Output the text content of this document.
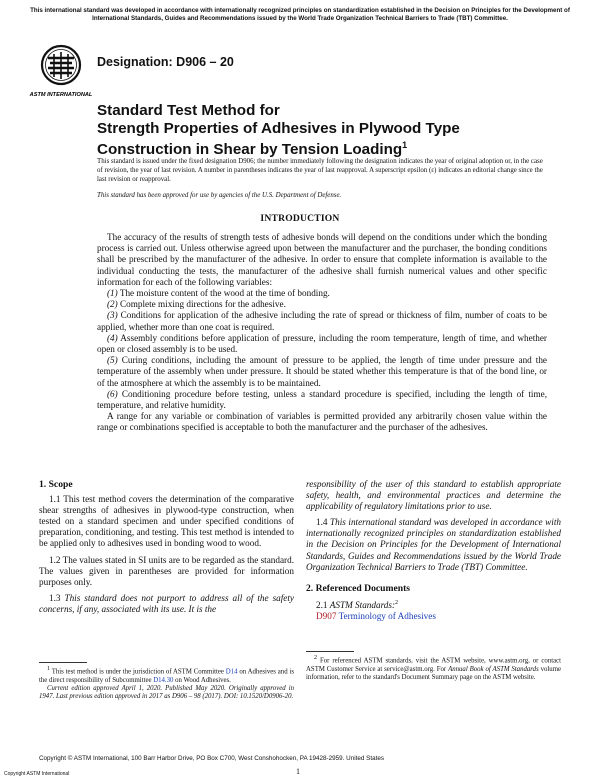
This international standard was developed in accordance with internationally recognized principles on standardization established in the Decision on Principles for the Development of International Standards, Guides and Recommendations issued by the World Trade Organization Technical Barriers to Trade (TBT) Committee.
ASTM INTERNATIONAL
Designation: D906 – 20
Standard Test Method for
Strength Properties of Adhesives in Plywood Type
Construction in Shear by Tension Loading$^1$
This standard is issued under the fixed designation D906; the number immediately following the designation indicates the year of original adoption or, in the case of revision, the year of last revision. A number in parentheses indicates the year of last reapproval. A superscript epsilon (ε) indicates an editorial change since the last revision or reapproval.
This standard has been approved for use by agencies of the U.S. Department of Defense.
INTRODUCTION

The accuracy of the results of strength tests of adhesive bonds will depend on the conditions under which the bonding process is carried out. Unless otherwise agreed upon between the manufacturer and the purchaser, the bonding conditions shall be prescribed by the manufacturer of the adhesive. In order to ensure that complete information is available to the individual conducting the tests, the manufacturer of the adhesive shall furnish numerical values and other specific information for each of the following variables:

(1) The moisture content of the wood at the time of bonding.

(2) Complete mixing directions for the adhesive.

(3) Conditions for application of the adhesive including the rate of spread or thickness of film, number of coats to be applied, whether more than one coat is required.

(4) Assembly conditions before application of pressure, including the room temperature, length of time, and whether open or closed assembly is to be used.

(5) Curing conditions, including the amount of pressure to be applied, the length of time under pressure and the temperature of the assembly when under pressure. It should be stated whether this temperature is that of the bond line, or of the atmosphere at which the assembly is to be maintained.

(6) Conditioning procedure before testing, unless a standard procedure is specified, including the length of time, temperature, and relative humidity.

A range for any variable or combination of variables is permitted provided any arbitrarily chosen value within the range or combinations specified is acceptable to both the manufacturer and the purchaser of the adhesives.

1. Scope

1.1 This test method covers the determination of the comparative shear strengths of adhesives in plywood-type construction, when tested on a standard specimen and under specified conditions of preparation, conditioning, and testing. This test method is intended to be applied only to adhesives used in bonding wood to wood.

1.2 The values stated in SI units are to be regarded as the standard. The values given in parentheses are provided for information purposes only.

1.3 This standard does not purport to address all of the safety concerns, if any, associated with its use. It is the

responsibility of the user of this standard to establish appropriate safety, health, and environmental practices and determine the applicability of regulatory limitations prior to use.

1.4 This international standard was developed in accordance with internationally recognized principles on standardization established in the Decision on Principles for the Development of International Standards, Guides and Recommendations issued by the World Trade Organization Technical Barriers to Trade (TBT) Committee.

2. Referenced Documents

2.1 ASTM Standards:$^2$

D907 Terminology of Adhesives

$^1$ This test method is under the jurisdiction of ASTM Committee D14 on Adhesives and is the direct responsibility of Subcommittee D14.30 on Wood Adhesives.

Current edition approved April 1, 2020. Published May 2020. Originally approved in 1947. Last previous edition approved in 2017 as D906 – 98 (2017). DOI: 10.1520/D0906-20.

$^2$ For referenced ASTM standards, visit the ASTM website, www.astm.org, or contact ASTM Customer Service at service@astm.org. For Annual Book of ASTM Standards volume information, refer to the standard's Document Summary page on the ASTM website.

Copyright © ASTM International, 100 Barr Harbor Drive, PO Box C700, West Conshohocken, PA 19428-2959. United States
Copyright ASTM International	1
